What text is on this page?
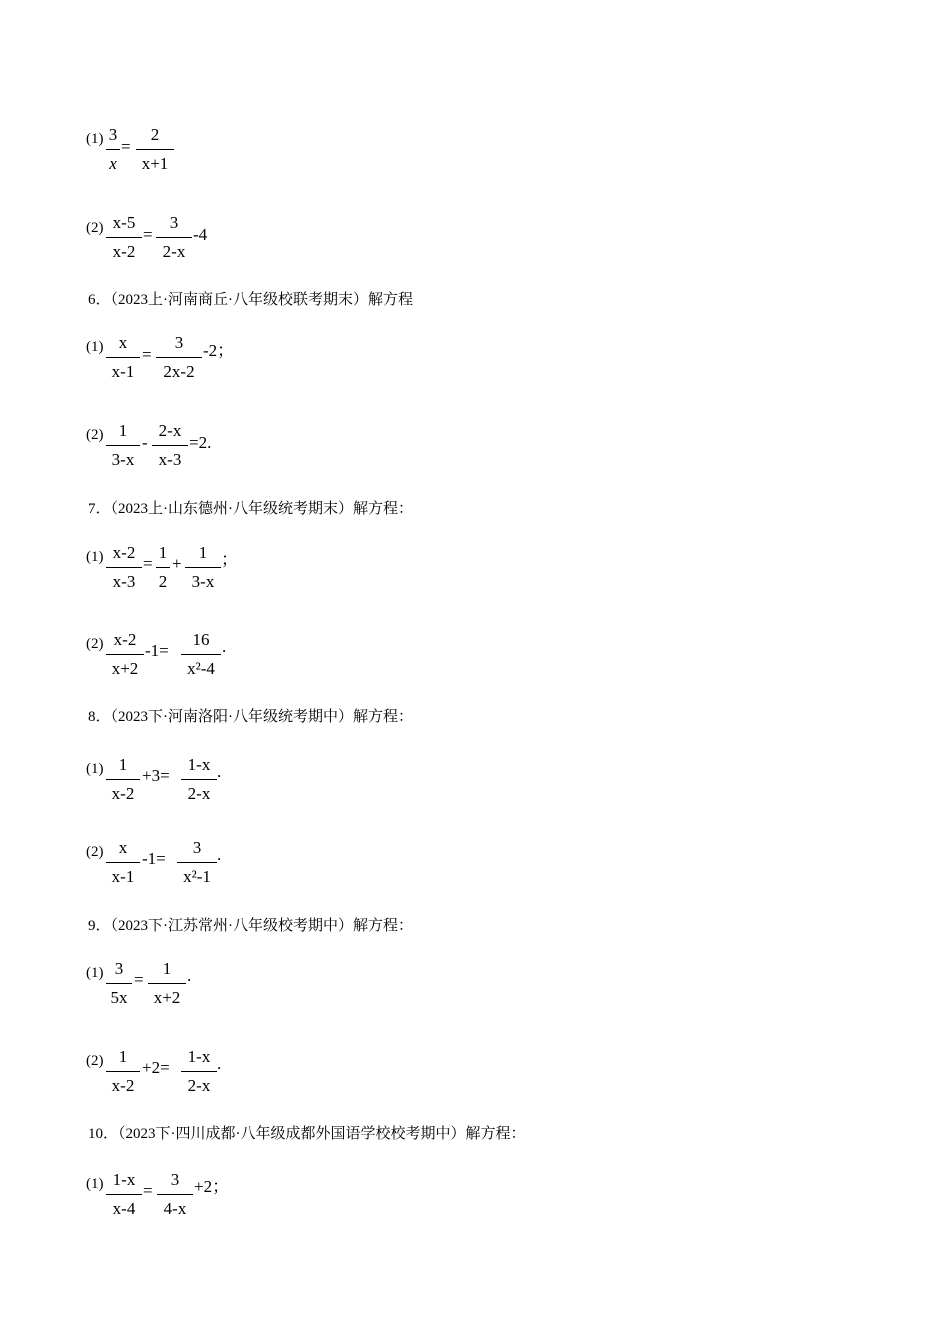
(1) 3
x
=
2
x+1
(2) x-5
x-2
=
3
2-x
-4
6．（2023上·河南商丘·八年级校联考期末）解方程
(1) x
x-1
=
3
2x-2
-2；
(2) 1
3-x
-
2-x
x-3
=2.
7．（2023上·山东德州·八年级统考期末）解方程：
(1) x-2
x-3
=
1
2
+
1
3-x
；
(2) x-2
x+2
-1=
16
x²-4
.
8．（2023下·河南洛阳·八年级统考期中）解方程：
(1) 1
x-2
+3=
1-x
2-x
.
(2) x
x-1
-1=
3
x²-1
.
9．（2023下·江苏常州·八年级校考期中）解方程：
(1) 3
5x
=
1
x+2
.
(2) 1
x-2
+2=
1-x
2-x
.
10．（2023下·四川成都·八年级成都外国语学校校考期中）解方程：
(1) 1-x
x-4
=
3
4-x
+2；
